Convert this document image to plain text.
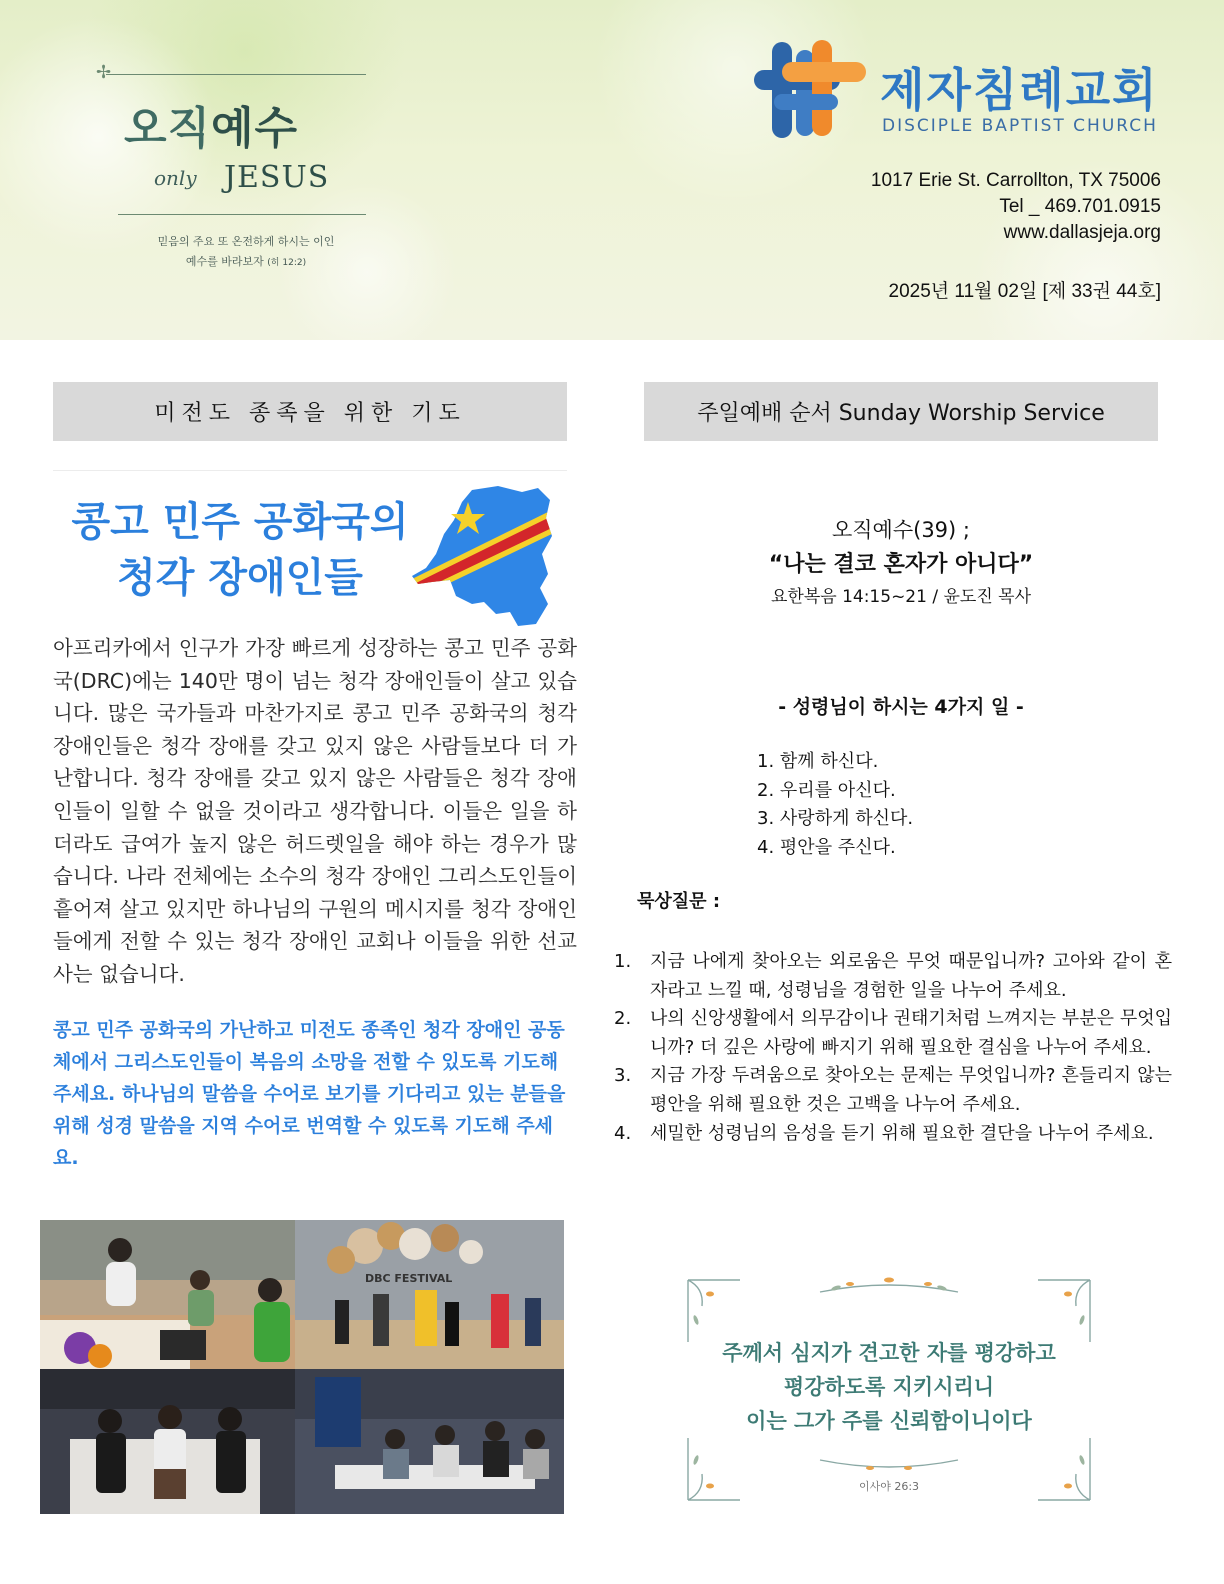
✢
오직예수
only JESUS
믿음의 주요 또 온전하게 하시는 이인
예수를 바라보자 (히 12:2)
제자침례교회
DISCIPLE BAPTIST CHURCH
1017 Erie St. Carrollton, TX 75006
Tel _ 469.701.0915
www.dallasjeja.org
2025년 11월 02일 [제 33권 44호]
미전도 종족을 위한 기도
콩고 민주 공화국의
청각 장애인들
아프리카에서 인구가 가장 빠르게 성장하는 콩고 민주 공화국(DRC)에는 140만 명이 넘는 청각 장애인들이 살고 있습니다. 많은 국가들과 마찬가지로 콩고 민주 공화국의 청각 장애인들은 청각 장애를 갖고 있지 않은 사람들보다 더 가난합니다. 청각 장애를 갖고 있지 않은 사람들은 청각 장애인들이 일할 수 없을 것이라고 생각합니다. 이들은 일을 하더라도 급여가 높지 않은 허드렛일을 해야 하는 경우가 많습니다. 나라 전체에는 소수의 청각 장애인 그리스도인들이 흩어져 살고 있지만 하나님의 구원의 메시지를 청각 장애인들에게 전할 수 있는 청각 장애인 교회나 이들을 위한 선교사는 없습니다.
콩고 민주 공화국의 가난하고 미전도 종족인 청각 장애인 공동체에서 그리스도인들이 복음의 소망을 전할 수 있도록 기도해 주세요. 하나님의 말씀을 수어로 보기를 기다리고 있는 분들을 위해 성경 말씀을 지역 수어로 번역할 수 있도록 기도해 주세요.
DBC FESTIVAL
주일예배 순서 Sunday Worship Service
오직예수(39) ;
“나는 결코 혼자가 아니다”
요한복음 14:15~21 / 윤도진 목사
- 성령님이 하시는 4가지 일 -
1. 함께 하신다.
2. 우리를 아신다.
3. 사랑하게 하신다.
4. 평안을 주신다.
묵상질문 :
1. 지금 나에게 찾아오는 외로움은 무엇 때문입니까? 고아와 같이 혼자라고 느낄 때, 성령님을 경험한 일을 나누어 주세요.
2. 나의 신앙생활에서 의무감이나 권태기처럼 느껴지는 부분은 무엇입니까? 더 깊은 사랑에 빠지기 위해 필요한 결심을 나누어 주세요.
3. 지금 가장 두려움으로 찾아오는 문제는 무엇입니까? 흔들리지 않는 평안을 위해 필요한 것은 고백을 나누어 주세요.
4. 세밀한 성령님의 음성을 듣기 위해 필요한 결단을 나누어 주세요.
주께서 심지가 견고한 자를 평강하고
평강하도록 지키시리니
이는 그가 주를 신뢰함이니이다
이사야 26:3
